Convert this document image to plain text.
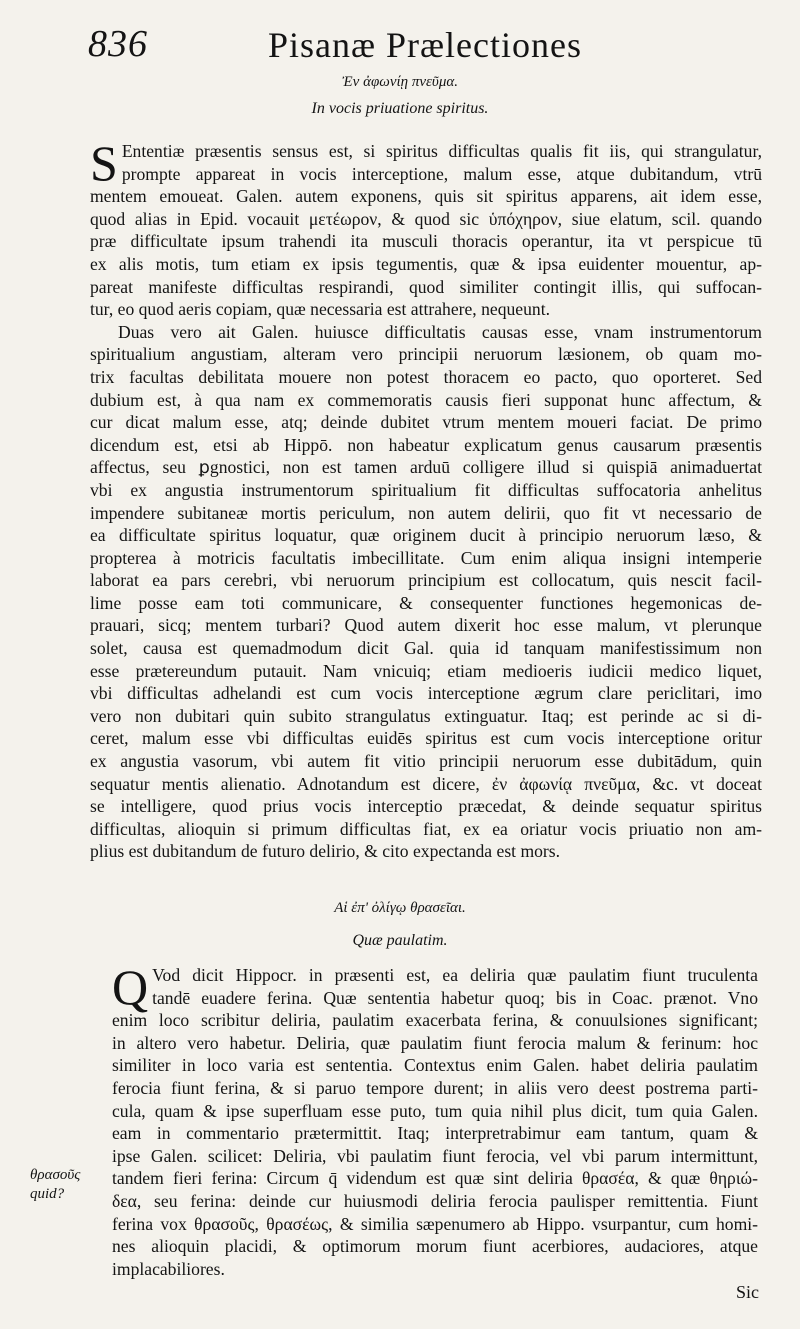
836	Pisanæ Prælectiones
Ἐν ἀφωνίῃ πνεῦμα.
In vocis priuatione spiritus.
S Ententiæ præsentis sensus est, si spiritus difficultas qualis fit iis, qui strangulatur,
prompte appareat in vocis interceptione, malum esse, atque dubitandum, vtrū
mentem emoueat. Galen. autem exponens, quis sit spiritus apparens, ait idem esse,
quod alias in Epid. vocauit μετέωρον, & quod sic ὑπόχηρον, siue elatum, scil. quando
præ difficultate ipsum trahendi ita musculi thoracis operantur, ita vt perspicue tū
ex alis motis, tum etiam ex ipsis tegumentis, quæ & ipsa euidenter mouentur, ap-
pareat manifeste difficultas respirandi, quod similiter contingit illis, qui suffocan-
tur, eo quod aeris copiam, quæ necessaria est attrahere, nequeunt.
Duas vero ait Galen. huiusce difficultatis causas esse, vnam instrumentorum
spiritualium angustiam, alteram vero principii neruorum læsionem, ob quam mo-
trix facultas debilitata mouere non potest thoracem eo pacto, quo oporteret. Sed
dubium est, à qua nam ex commemoratis causis fieri supponat hunc affectum, &
cur dicat malum esse, atq; deinde dubitet vtrum mentem moueri faciat. De primo
dicendum est, etsi ab Hippō. non habeatur explicatum genus causarum præsentis
affectus, seu ꝑgnostici, non est tamen arduū colligere illud si quispiā animaduertat
vbi ex angustia instrumentorum spiritualium fit difficultas suffocatoria anhelitus
impendere subitaneæ mortis periculum, non autem delirii, quo fit vt necessario de
ea difficultate spiritus loquatur, quæ originem ducit à principio neruorum læso, &
propterea à motricis facultatis imbecillitate. Cum enim aliqua insigni intemperie
laborat ea pars cerebri, vbi neruorum principium est collocatum, quis nescit facil-
lime posse eam toti communicare, & consequenter functiones hegemonicas de-
prauari, sicq; mentem turbari? Quod autem dixerit hoc esse malum, vt plerunque
solet, causa est quemadmodum dicit Gal. quia id tanquam manifestissimum non
esse prætereundum putauit. Nam vnicuiq; etiam medioeris iudicii medico liquet,
vbi difficultas adhelandi est cum vocis interceptione ægrum clare periclitari, imo
vero non dubitari quin subito strangulatus extinguatur. Itaq; est perinde ac si di-
ceret, malum esse vbi difficultas euidēs spiritus est cum vocis interceptione oritur
ex angustia vasorum, vbi autem fit vitio principii neruorum esse dubitādum, quin
sequatur mentis alienatio. Adnotandum est dicere, ἐν ἀφωνίᾳ πνεῦμα, &c. vt doceat
se intelligere, quod prius vocis interceptio præcedat, & deinde sequatur spiritus
difficultas, alioquin si primum difficultas fiat, ex ea oriatur vocis priuatio non am-
plius est dubitandum de futuro delirio, & cito expectanda est mors.
Αἱ ἐπ' ὀλίγῳ θρασεῖαι.
Quæ paulatim.
Q Vod dicit Hippocr. in præsenti est, ea deliria quæ paulatim fiunt truculenta
tandē euadere ferina. Quæ sententia habetur quoq; bis in Coac. prænot. Vno
enim loco scribitur deliria, paulatim exacerbata ferina, & conuulsiones significant;
in altero vero habetur. Deliria, quæ paulatim fiunt ferocia malum & ferinum: hoc
similiter in loco varia est sententia. Contextus enim Galen. habet deliria paulatim
ferocia fiunt ferina, & si paruo tempore durent; in aliis vero deest postrema parti-
cula, quam & ipse superfluam esse puto, tum quia nihil plus dicit, tum quia Galen.
eam in commentario prætermittit. Itaq; interpretrabimur eam tantum, quam &
ipse Galen. scilicet: Deliria, vbi paulatim fiunt ferocia, vel vbi parum intermittunt,
tandem fieri ferina: Circum q̄ videndum est quæ sint deliria θρασέα, & quæ θηριώ-
δεα, seu ferina: deinde cur huiusmodi deliria ferocia paulisper remittentia. Fiunt
ferina vox θρασοῦς, θρασέως, & similia sæpenumero ab Hippo. vsurpantur, cum homi-
nes alioquin placidi, & optimorum morum fiunt acerbiores, audaciores, atque
implacabiliores.
θρασοῦς
quid?
Sic
